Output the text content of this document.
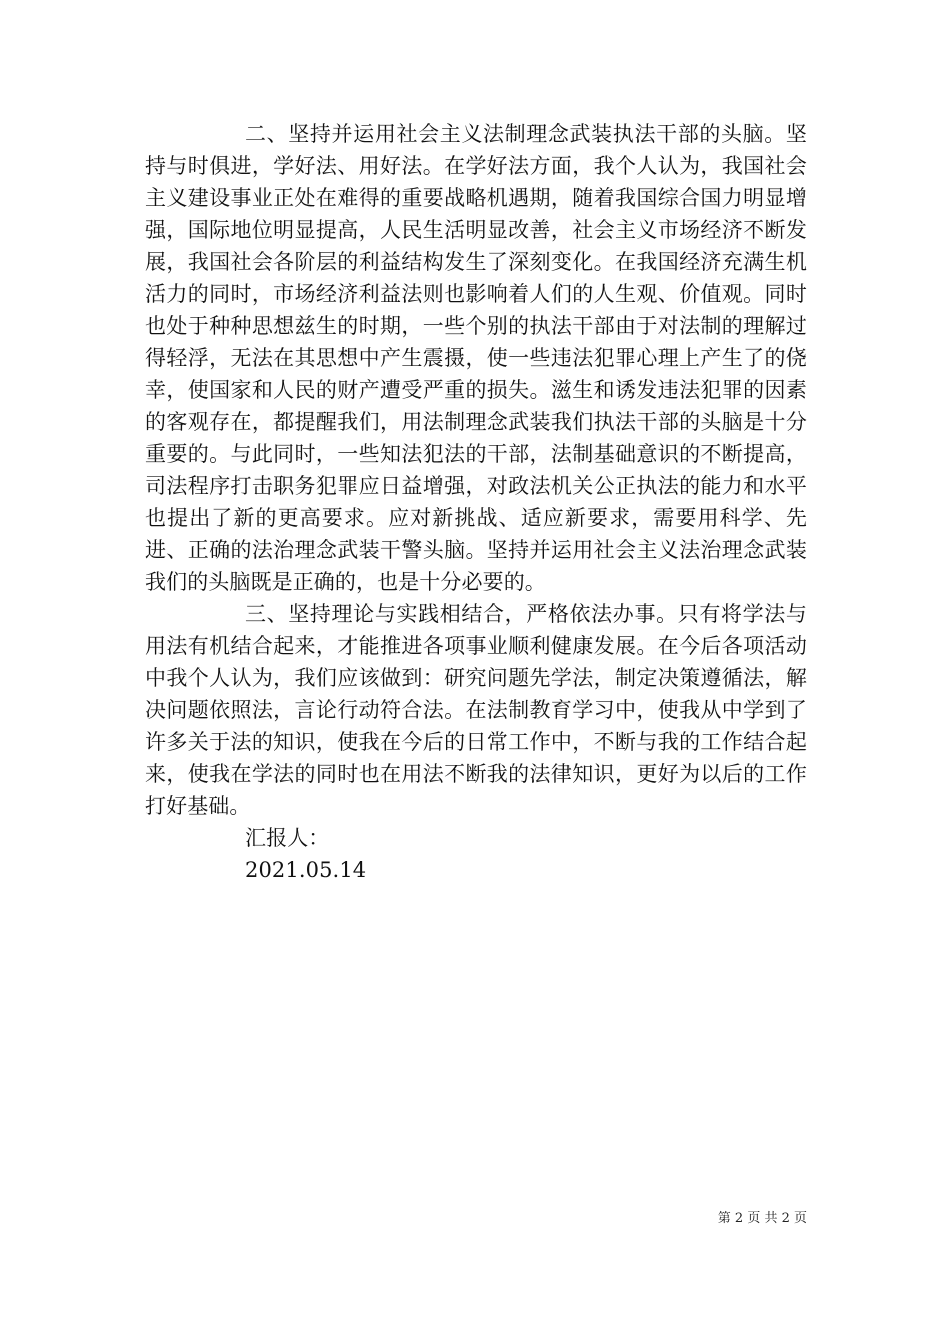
二、坚持并运用社会主义法制理念武装执法干部的头脑。坚持与时俱进，学好法、用好法。在学好法方面，我个人认为，我国社会主义建设事业正处在难得的重要战略机遇期，随着我国综合国力明显增强，国际地位明显提高，人民生活明显改善，社会主义市场经济不断发展，我国社会各阶层的利益结构发生了深刻变化。在我国经济充满生机活力的同时，市场经济利益法则也影响着人们的人生观、价值观。同时也处于种种思想兹生的时期，一些个别的执法干部由于对法制的理解过得轻浮，无法在其思想中产生震摄，使一些违法犯罪心理上产生了的侥幸，使国家和人民的财产遭受严重的损失。滋生和诱发违法犯罪的因素的客观存在，都提醒我们，用法制理念武装我们执法干部的头脑是十分重要的。与此同时，一些知法犯法的干部，法制基础意识的不断提高，司法程序打击职务犯罪应日益增强，对政法机关公正执法的能力和水平也提出了新的更高要求。应对新挑战、适应新要求，需要用科学、先进、正确的法治理念武装干警头脑。坚持并运用社会主义法治理念武装我们的头脑既是正确的，也是十分必要的。

三、坚持理论与实践相结合，严格依法办事。只有将学法与用法有机结合起来，才能推进各项事业顺利健康发展。在今后各项活动中我个人认为，我们应该做到：研究问题先学法，制定决策遵循法，解决问题依照法，言论行动符合法。在法制教育学习中，使我从中学到了许多关于法的知识，使我在今后的日常工作中，不断与我的工作结合起来，使我在学法的同时也在用法不断我的法律知识，更好为以后的工作打好基础。

汇报人：
2021.05.14
第 2 页 共 2 页
